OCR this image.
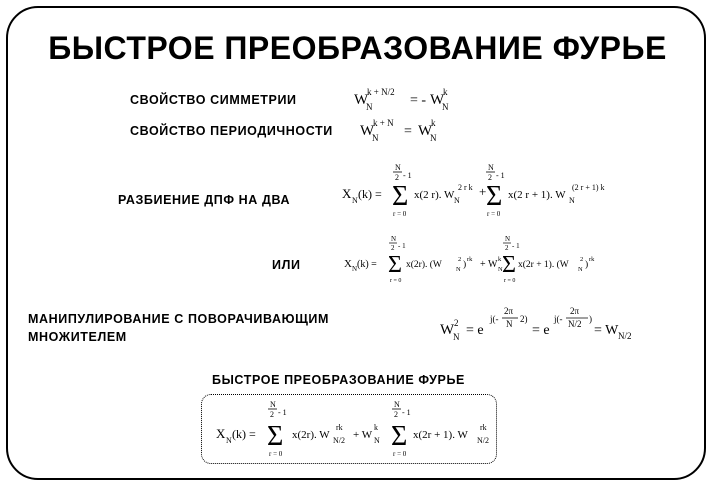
БЫСТРОЕ ПРЕОБРАЗОВАНИЕ ФУРЬЕ
СВОЙСТВО СИММЕТРИИ	W
N
k + N/2
= - W
N
k
СВОЙСТВО ПЕРИОДИЧНОСТИ W
N
k + N
= W
N
k
РАЗБИЕНИЕ ДПФ НА ДВА	X N (k) =
N
2 - 1
Σ
r = 0
x(2 r). W N
2 r k +
N
2 - 1
Σ
r = 0
x(2 r + 1). W N
(2 r + 1) k
ИЛИ	X N (k) =
N
2 - 1
Σ
r = 0
x(2r). (W N
2
)
rk + W N
k
N
2 - 1
Σ
r = 0
x(2r + 1). (W N
2
)
rk
МАНИПУЛИРОВАНИЕ С ПОВОРАЧИВАЮЩИМ
МНОЖИТЕЛЕМ	W
N
2 = e
j(-
2π
N 2)
= e
j(-
2π
N/2 )
= W N/2
БЫСТРОЕ ПРЕОБРАЗОВАНИЕ ФУРЬЕ
X N (k) =
N
2 - 1
Σ
r = 0
x(2r). W N/2
rk
+ W N
k
N
2 - 1
Σ
r = 0
x(2r + 1). W N/2
rk
